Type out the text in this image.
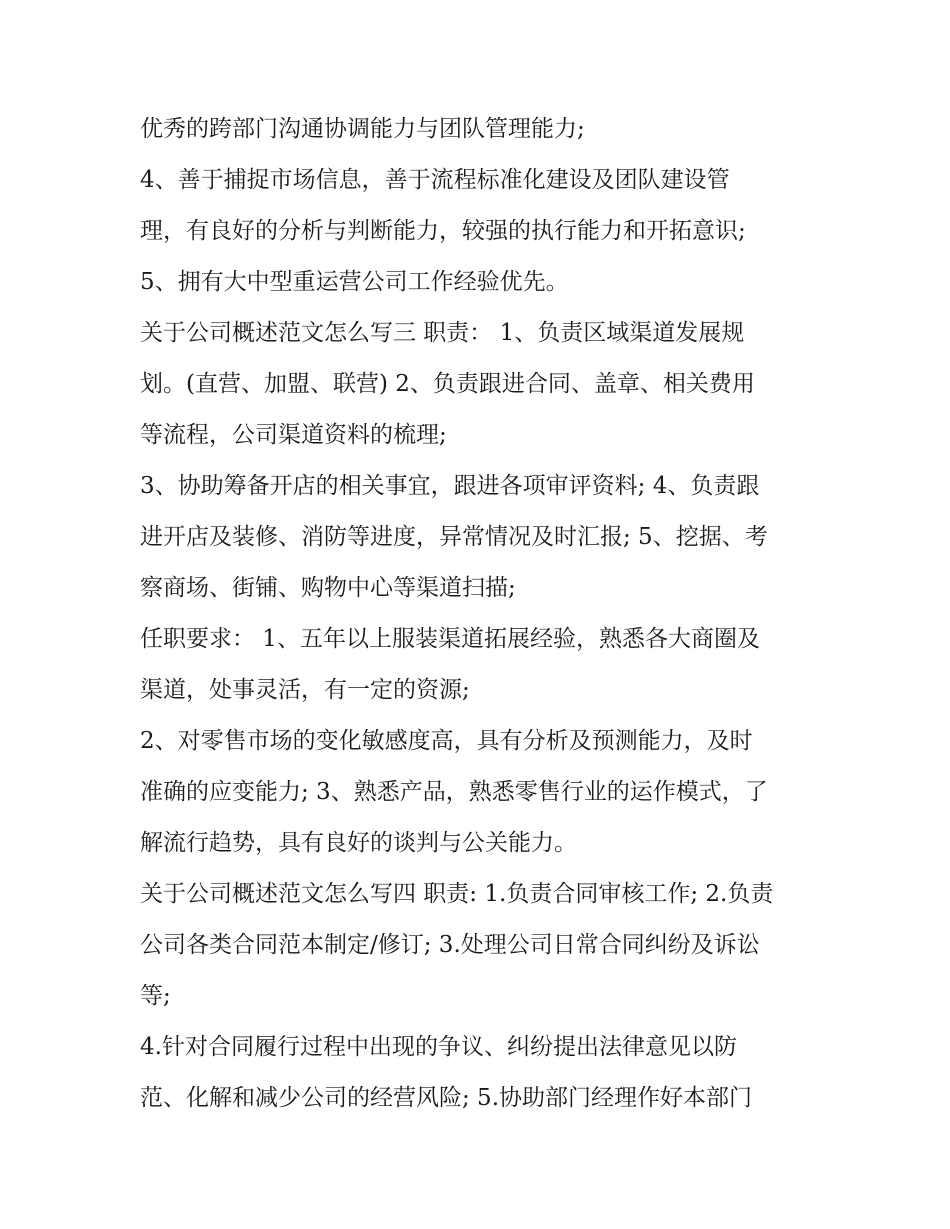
优秀的跨部门沟通协调能力与团队管理能力;
4、善于捕捉市场信息，善于流程标准化建设及团队建设管
理，有良好的分析与判断能力，较强的执行能力和开拓意识;
5、拥有大中型重运营公司工作经验优先。
关于公司概述范文怎么写三 职责： 1、负责区域渠道发展规
划。(直营、加盟、联营) 2、负责跟进合同、盖章、相关费用
等流程，公司渠道资料的梳理;
3、协助筹备开店的相关事宜，跟进各项审评资料; 4、负责跟
进开店及装修、消防等进度，异常情况及时汇报; 5、挖据、考
察商场、街铺、购物中心等渠道扫描;
任职要求： 1、五年以上服装渠道拓展经验，熟悉各大商圈及
渠道，处事灵活，有一定的资源;
2、对零售市场的变化敏感度高，具有分析及预测能力，及时
准确的应变能力; 3、熟悉产品，熟悉零售行业的运作模式，了
解流行趋势，具有良好的谈判与公关能力。
关于公司概述范文怎么写四 职责: 1.负责合同审核工作; 2.负责
公司各类合同范本制定/修订; 3.处理公司日常合同纠纷及诉讼
等;
4.针对合同履行过程中出现的争议、纠纷提出法律意见以防
范、化解和减少公司的经营风险; 5.协助部门经理作好本部门
